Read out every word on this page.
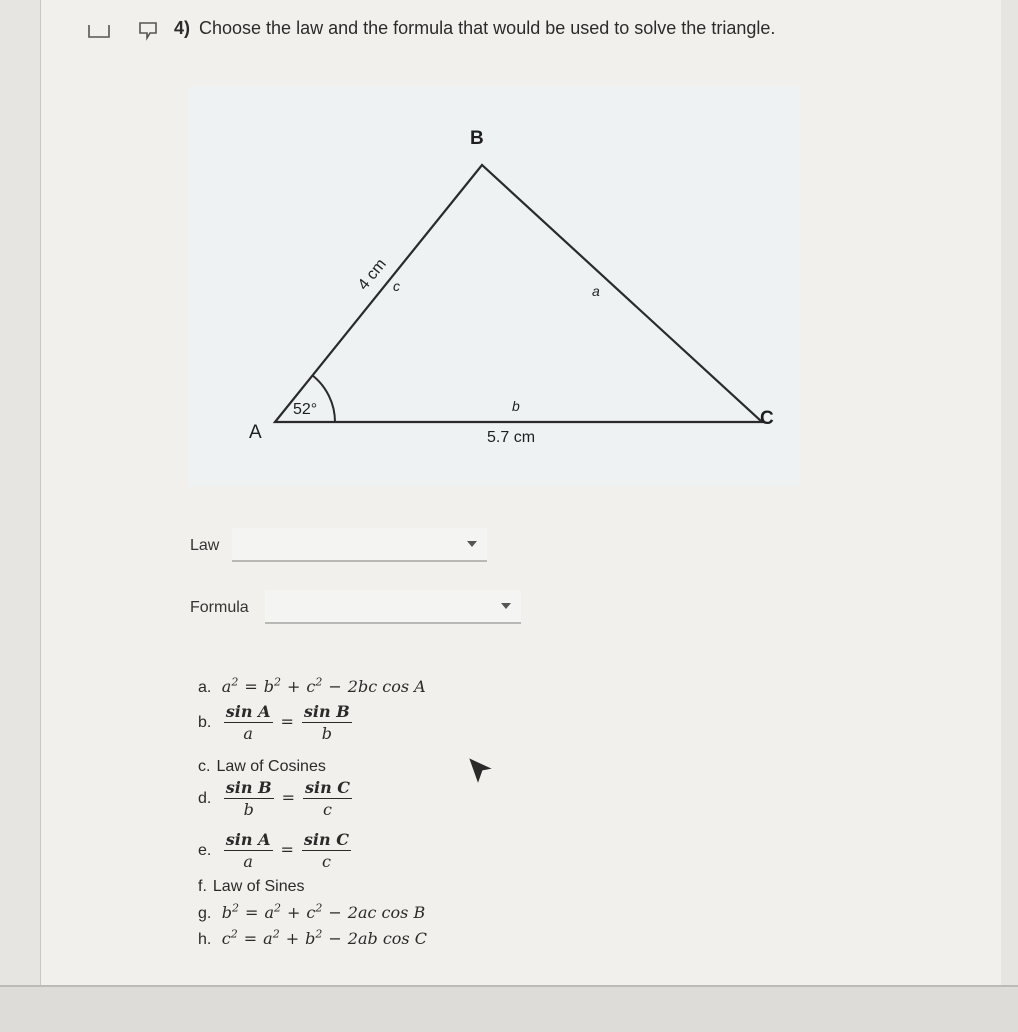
4) Choose the law and the formula that would be used to solve the triangle.
A
B
C
4 cm c	a
b
5.7 cm
52°
Law
Formula
a. $a^2 = b^2 + c^2 - 2bc$ cos A
b. $\frac{\text{sin A}}{a} = \frac{\text{sin B}}{b}$
c. Law of Cosines
d. $\frac{\text{sin B}}{b} = \frac{\text{sin C}}{c}$
e. $\frac{\text{sin A}}{a} = \frac{\text{sin C}}{c}$
f. Law of Sines
g. $b^2 = a^2 + c^2 - 2ac$ cos B
h. $c^2 = a^2 + b^2 - 2ab$ cos C
